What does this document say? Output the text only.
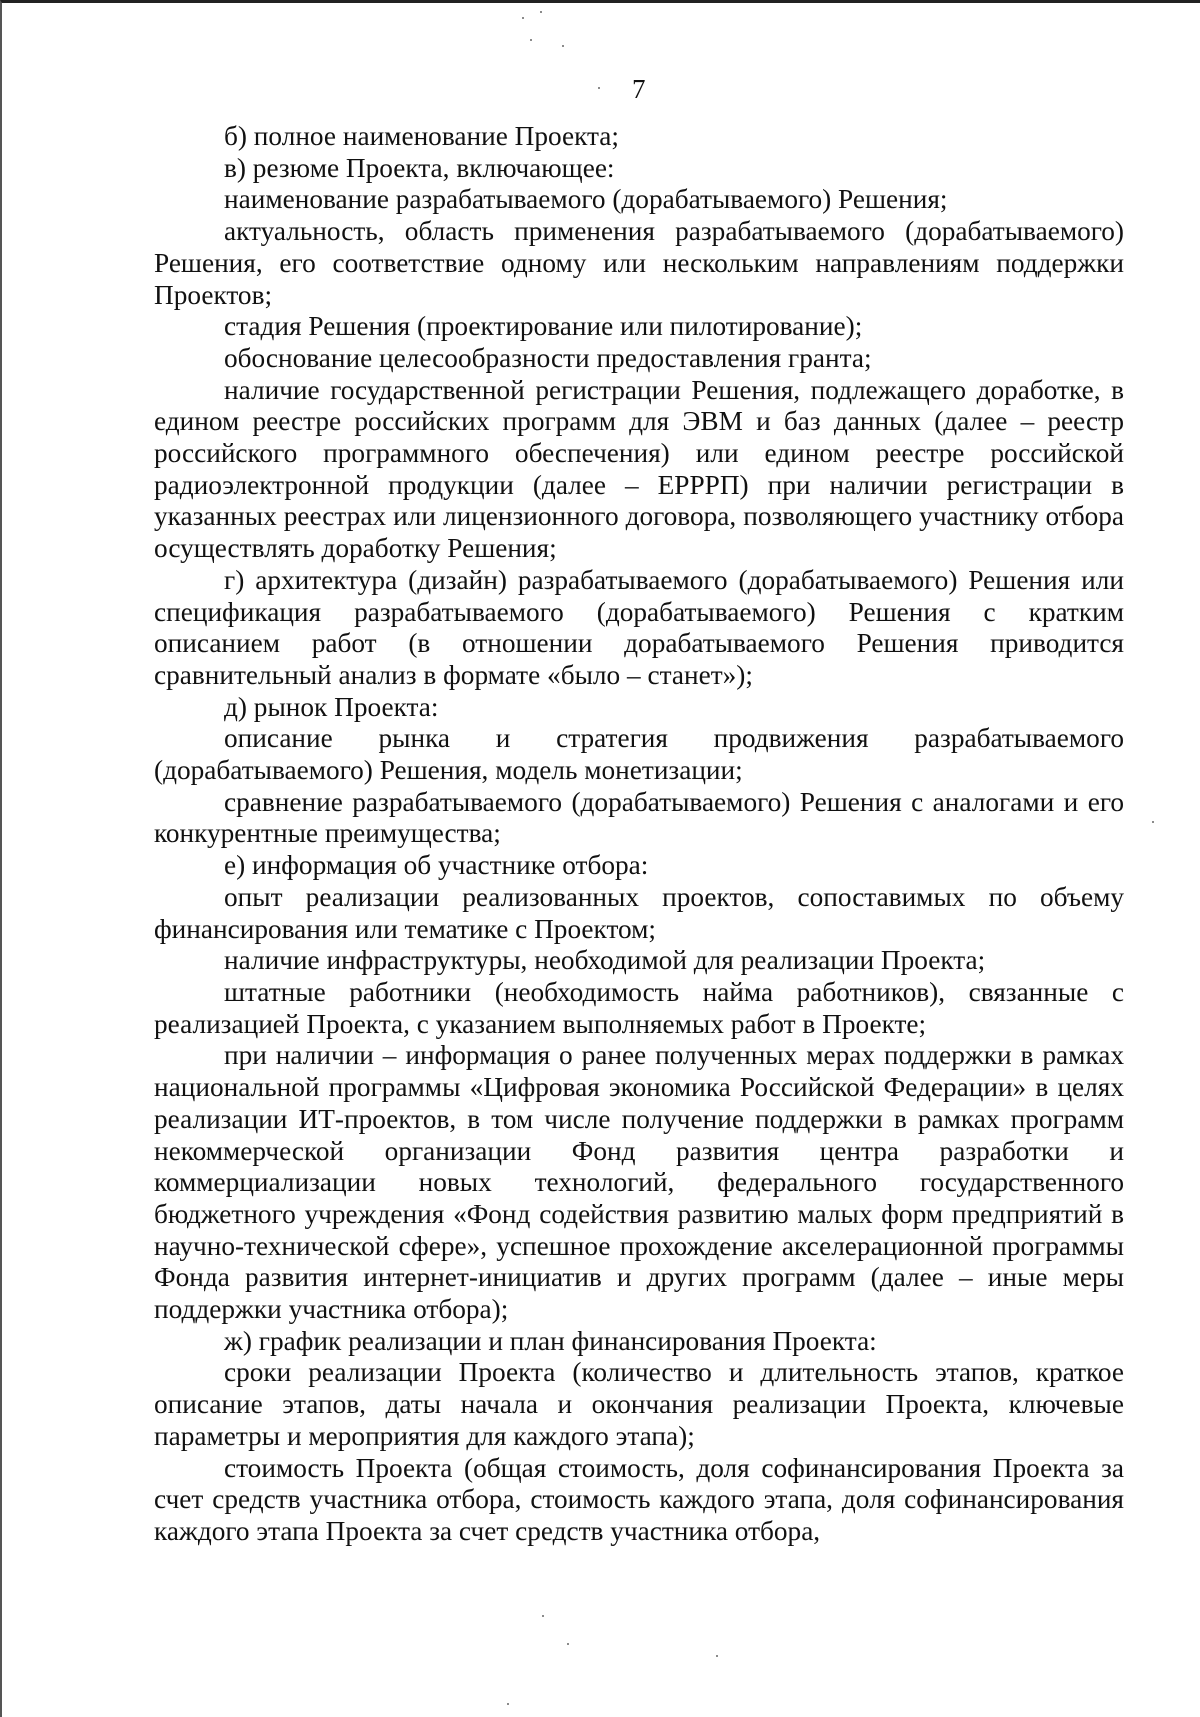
7

б) полное наименование Проекта;

в) резюме Проекта, включающее:

наименование разрабатываемого (дорабатываемого) Решения;

актуальность, область применения разрабатываемого (дорабатываемого) Решения, его соответствие одному или нескольким направлениям поддержки Проектов;

стадия Решения (проектирование или пилотирование);

обоснование целесообразности предоставления гранта;

наличие государственной регистрации Решения, подлежащего доработке, в едином реестре российских программ для ЭВМ и баз данных (далее – реестр российского программного обеспечения) или едином реестре российской радиоэлектронной продукции (далее – ЕРРРП) при наличии регистрации в указанных реестрах или лицензионного договора, позволяющего участнику отбора осуществлять доработку Решения;

г) архитектура (дизайн) разрабатываемого (дорабатываемого) Решения или спецификация разрабатываемого (дорабатываемого) Решения с кратким описанием работ (в отношении дорабатываемого Решения приводится сравнительный анализ в формате «было – станет»);

д) рынок Проекта:

описание рынка и стратегия продвижения разрабатываемого (дорабатываемого) Решения, модель монетизации;

сравнение разрабатываемого (дорабатываемого) Решения с аналогами и его конкурентные преимущества;

е) информация об участнике отбора:

опыт реализации реализованных проектов, сопоставимых по объему финансирования или тематике с Проектом;

наличие инфраструктуры, необходимой для реализации Проекта;

штатные работники (необходимость найма работников), связанные с реализацией Проекта, с указанием выполняемых работ в Проекте;

при наличии – информация о ранее полученных мерах поддержки в рамках национальной программы «Цифровая экономика Российской Федерации» в целях реализации ИТ-проектов, в том числе получение поддержки в рамках программ некоммерческой организации Фонд развития центра разработки и коммерциализации новых технологий, федерального государственного бюджетного учреждения «Фонд содействия развитию малых форм предприятий в научно-технической сфере», успешное прохождение акселерационной программы Фонда развития интернет-инициатив и других программ (далее – иные меры поддержки участника отбора);

ж) график реализации и план финансирования Проекта:

сроки реализации Проекта (количество и длительность этапов, краткое описание этапов, даты начала и окончания реализации Проекта, ключевые параметры и мероприятия для каждого этапа);

стоимость Проекта (общая стоимость, доля софинансирования Проекта за счет средств участника отбора, стоимость каждого этапа, доля софинансирования каждого этапа Проекта за счет средств участника отбора,
